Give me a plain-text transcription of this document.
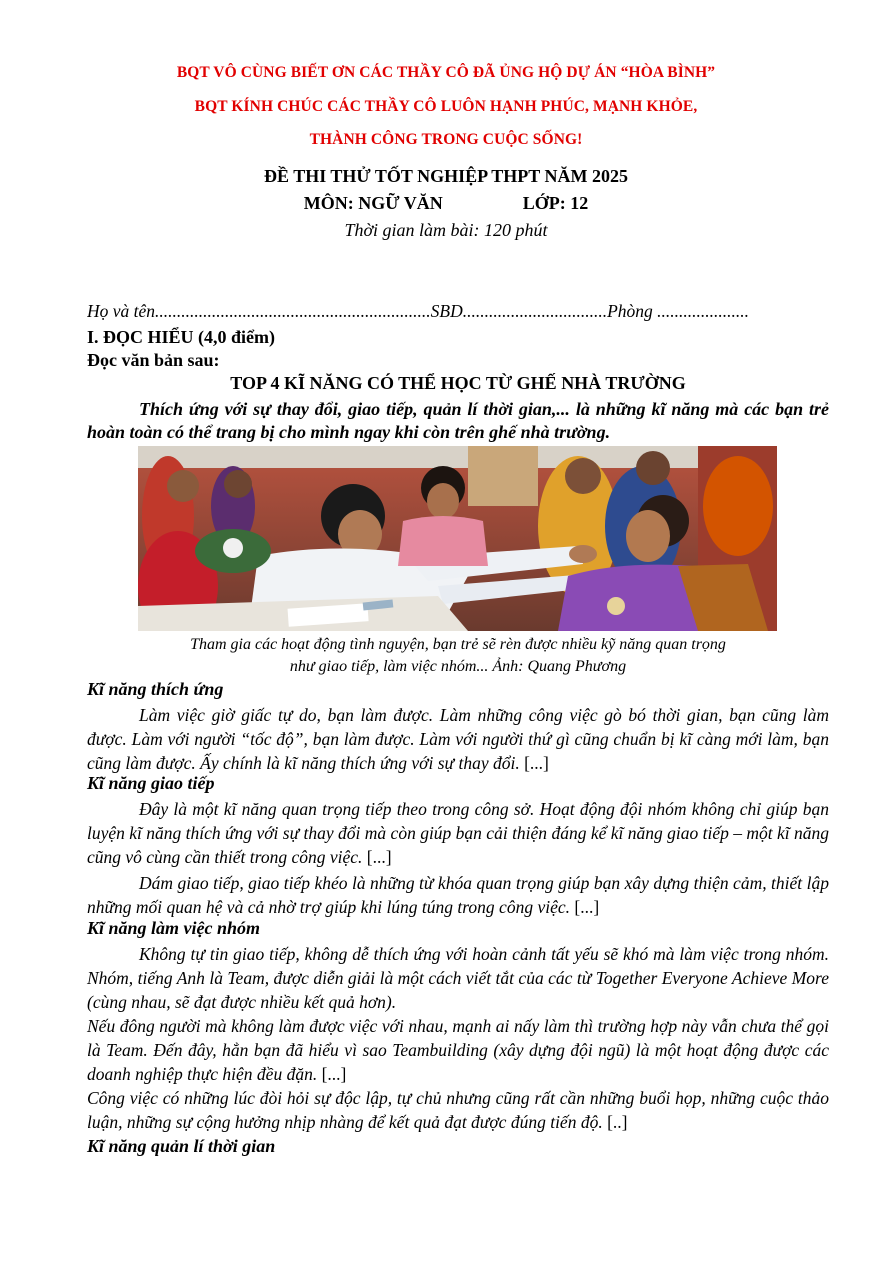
BQT VÔ CÙNG BIẾT ƠN CÁC THẦY CÔ ĐÃ ỦNG HỘ DỰ ÁN “HÒA BÌNH”
BQT KÍNH CHÚC CÁC THẦY CÔ LUÔN HẠNH PHÚC, MẠNH KHỎE,
THÀNH CÔNG TRONG CUỘC SỐNG!
ĐỀ THI THỬ TỐT NGHIỆP THPT NĂM 2025
MÔN: NGỮ VĂN	LỚP: 12
Thời gian làm bài: 120 phút
Họ và tên...............................................................SBD.................................Phòng .....................
I. ĐỌC HIỂU (4,0 điểm)
Đọc văn bản sau:
TOP 4 KĨ NĂNG CÓ THỂ HỌC TỪ GHẾ NHÀ TRƯỜNG

Thích ứng với sự thay đổi, giao tiếp, quản lí thời gian,... là những kĩ năng mà các bạn trẻ hoàn toàn có thể trang bị cho mình ngay khi còn trên ghế nhà trường.

Tham gia các hoạt động tình nguyện, bạn trẻ sẽ rèn được nhiều kỹ năng quan trọng
như giao tiếp, làm việc nhóm... Ảnh: Quang Phương
Kĩ năng thích ứng

Làm việc giờ giấc tự do, bạn làm được. Làm những công việc gò bó thời gian, bạn cũng làm được. Làm với người “tốc độ”, bạn làm được. Làm với người thứ gì cũng chuẩn bị kĩ càng mới làm, bạn cũng làm được. Ấy chính là kĩ năng thích ứng với sự thay đổi. [...]

Kĩ năng giao tiếp

Đây là một kĩ năng quan trọng tiếp theo trong công sở. Hoạt động đội nhóm không chỉ giúp bạn luyện kĩ năng thích ứng với sự thay đổi mà còn giúp bạn cải thiện đáng kể kĩ năng giao tiếp – một kĩ năng cũng vô cùng cần thiết trong công việc. [...]

Dám giao tiếp, giao tiếp khéo là những từ khóa quan trọng giúp bạn xây dựng thiện cảm, thiết lập những mối quan hệ và cả nhờ trợ giúp khi lúng túng trong công việc. [...]

Kĩ năng làm việc nhóm

Không tự tin giao tiếp, không dễ thích ứng với hoàn cảnh tất yếu sẽ khó mà làm việc trong nhóm. Nhóm, tiếng Anh là Team, được diễn giải là một cách viết tắt của các từ Together Everyone Achieve More (cùng nhau, sẽ đạt được nhiều kết quả hơn).

Nếu đông người mà không làm được việc với nhau, mạnh ai nấy làm thì trường hợp này vẫn chưa thể gọi là Team. Đến đây, hẳn bạn đã hiểu vì sao Teambuilding (xây dựng đội ngũ) là một hoạt động được các doanh nghiệp thực hiện đều đặn. [...]

Công việc có những lúc đòi hỏi sự độc lập, tự chủ nhưng cũng rất cần những buổi họp, những cuộc thảo luận, những sự cộng hưởng nhịp nhàng để kết quả đạt được đúng tiến độ. [..]

Kĩ năng quản lí thời gian
